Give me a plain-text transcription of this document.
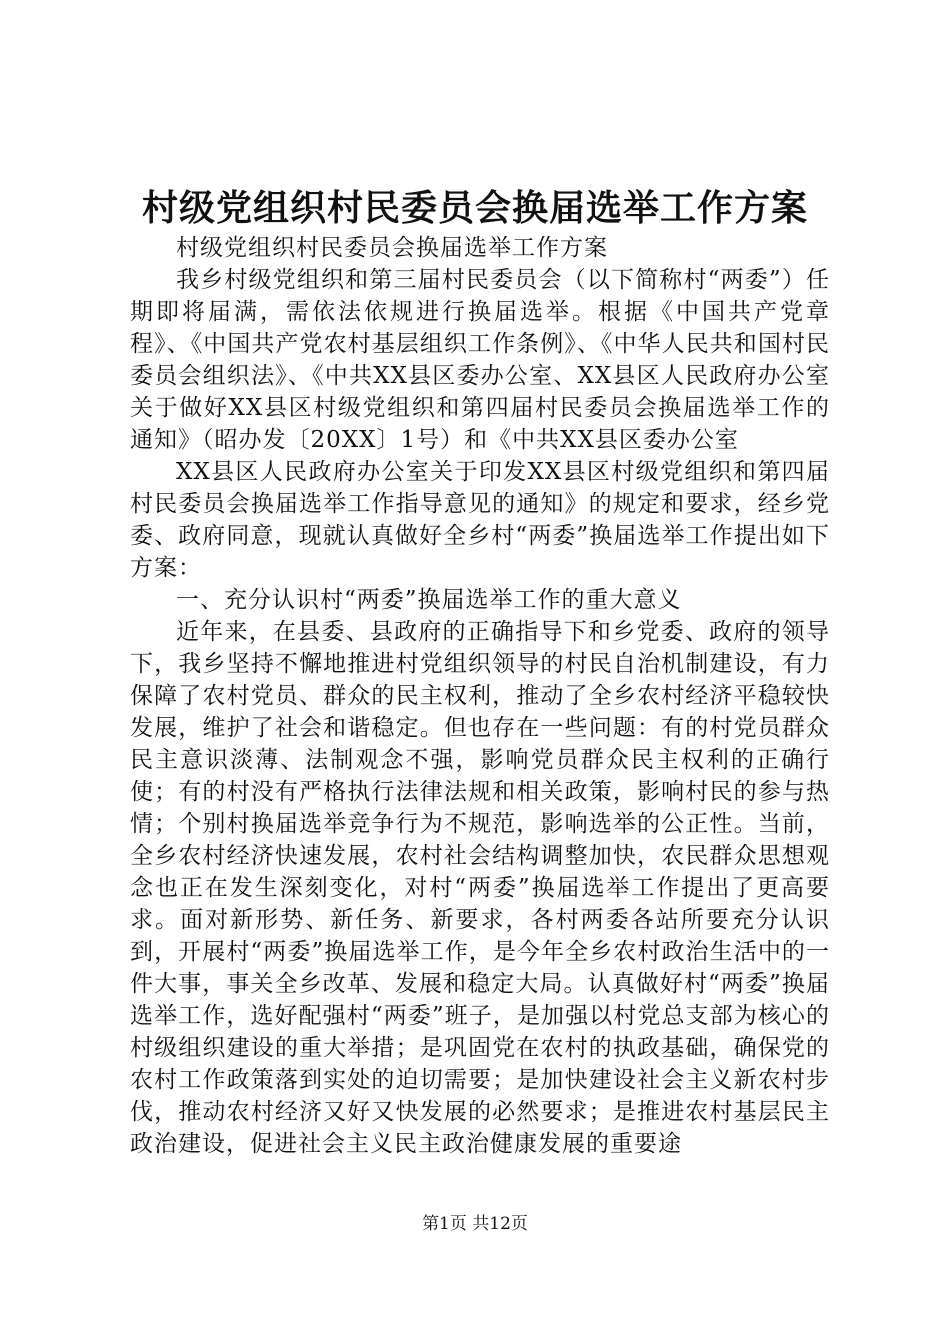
村级党组织村民委员会换届选举工作方案

村级党组织村民委员会换届选举工作方案

我乡村级党组织和第三届村民委员会（以下简称村“两委”）任期即将届满，需依法依规进行换届选举。根据《中国共产党章程》、《中国共产党农村基层组织工作条例》、《中华人民共和国村民委员会组织法》、《中共XX县区委办公室、XX县区人民政府办公室关于做好XX县区村级党组织和第四届村民委员会换届选举工作的通知》（昭办发〔20XX〕1号）和《中共XX县区委办公室

XX县区人民政府办公室关于印发XX县区村级党组织和第四届村民委员会换届选举工作指导意见的通知》的规定和要求，经乡党委、政府同意，现就认真做好全乡村“两委”换届选举工作提出如下方案：

一、充分认识村“两委”换届选举工作的重大意义

近年来，在县委、县政府的正确指导下和乡党委、政府的领导下，我乡坚持不懈地推进村党组织领导的村民自治机制建设，有力保障了农村党员、群众的民主权利，推动了全乡农村经济平稳较快发展，维护了社会和谐稳定。但也存在一些问题：有的村党员群众民主意识淡薄、法制观念不强，影响党员群众民主权利的正确行使；有的村没有严格执行法律法规和相关政策，影响村民的参与热情；个别村换届选举竞争行为不规范，影响选举的公正性。当前，全乡农村经济快速发展，农村社会结构调整加快，农民群众思想观念也正在发生深刻变化，对村“两委”换届选举工作提出了更高要求。面对新形势、新任务、新要求，各村两委各站所要充分认识到，开展村“两委”换届选举工作，是今年全乡农村政治生活中的一件大事，事关全乡改革、发展和稳定大局。认真做好村“两委”换届选举工作，选好配强村“两委”班子，是加强以村党总支部为核心的村级组织建设的重大举措；是巩固党在农村的执政基础，确保党的农村工作政策落到实处的迫切需要；是加快建设社会主义新农村步伐，推动农村经济又好又快发展的必然要求；是推进农村基层民主政治建设，促进社会主义民主政治健康发展的重要途

第1页 共12页
